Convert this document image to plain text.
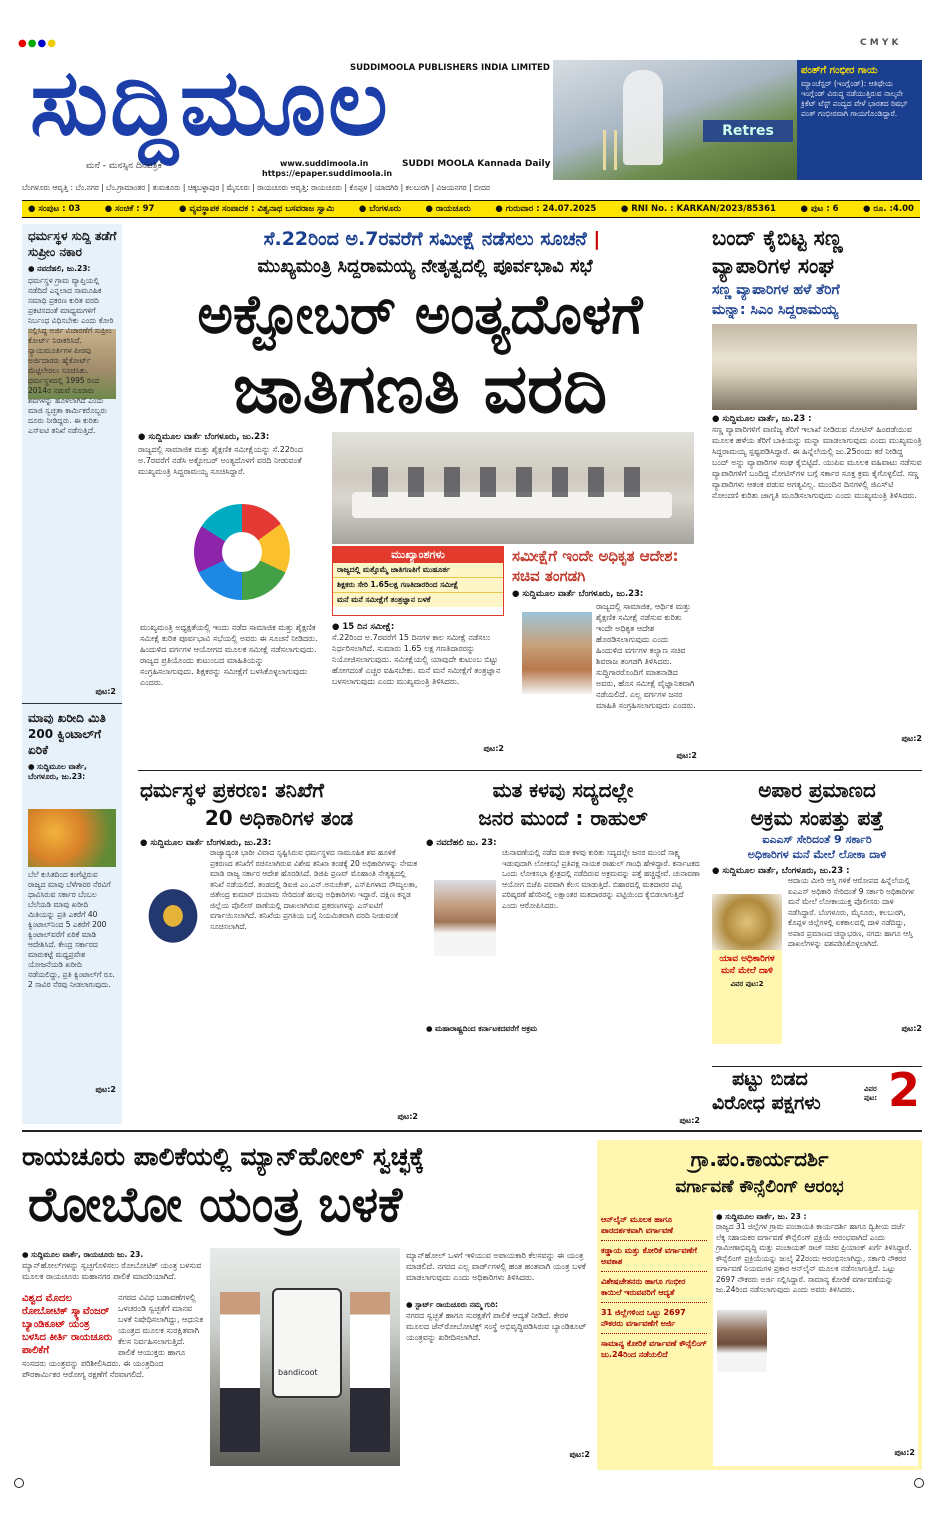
●●●●	C M Y K
ಸುದ್ದಿಮೂಲ
SUDDIMOOLA PUBLISHERS INDIA LIMITED
ಮನೆ - ಮನಸ್ಸಿನ ದಿನಪತ್ರಿಕೆ	www.suddimoola.in
https://epaper.suddimoola.in
SUDDI MOOLA Kannada Daily
Retres
ಪಂತ್‌ಗೆ ಗಂಭೀರ ಗಾಯ
ಮ್ಯಾಂಚೆಸ್ಟರ್ (ಇಂಗ್ಲೆಂಡ್): ಆತಿಥೇಯ ಇಂಗ್ಲೆಂಡ್ ವಿರುದ್ಧ ನಡೆಯುತ್ತಿರುವ ನಾಲ್ಕನೇ ಕ್ರಿಕೆಟ್ ಟೆಸ್ಟ್ ಪಂದ್ಯದ ವೇಳೆ ಭಾರತದ ರಿಷಭ್ ಪಂತ್ ಗಂಭೀರವಾಗಿ ಗಾಯಗೊಂಡಿದ್ದಾರೆ.
ಬೆಂಗಳೂರು ಆವೃತ್ತಿ : ಬೆಂ.ನಗರ | ಬೆಂ.ಗ್ರಾಮಾಂತರ | ತುಮಕೂರು | ಚಿಕ್ಕಬಳ್ಳಾಪುರ | ಮೈಸೂರು | ರಾಯಚೂರು ಆವೃತ್ತಿ: ರಾಯಚೂರು | ಕೊಪ್ಪಳ | ಯಾದಗಿರಿ | ಕಲಬುರಗಿ | ವಿಜಯನಗರ | ಬೀದರ
● ಸಂಪುಟ : 03	● ಸಂಚಿಕೆ : 97	● ವ್ಯವಸ್ಥಾಪಕ ಸಂಪಾದಕ : ವಿಶ್ವನಾಥ ಬಸವರಾಜ ಸ್ವಾಮಿ	● ಬೆಂಗಳೂರು	● ರಾಯಚೂರು	● ಗುರುವಾರ : 24.07.2025	● RNI No. : KARKAN/2023/85361	● ಪುಟ : 6	● ರೂ. :4.00
ಧರ್ಮಸ್ಥಳ ಸುದ್ದಿ ತಡೆಗೆ ಸುಪ್ರೀಂ ನಕಾರ
● ನವದೆಹಲಿ, ಜು.23:
ಧರ್ಮಸ್ಥಳ ಗ್ರಾಮ ವ್ಯಾಪ್ತಿಯಲ್ಲಿ ನಡೆದಿದೆ ಎನ್ನಲಾದ ಸಾಮೂಹಿಕ ಸಮಾಧಿ ಪ್ರಕರಣ ಕುರಿತ ವರದಿ ಪ್ರಕಟಿಸದಂತೆ ಮಾಧ್ಯಮಗಳಿಗೆ ನಿರ್ಬಂಧ ವಿಧಿಸಬೇಕು ಎಂದು ಕೋರಿ ಸಲ್ಲಿಸಿದ್ದ ಅರ್ಜಿ ವಿಚಾರಣೆಗೆ ಸುಪ್ರೀಂ ಕೋರ್ಟ್ ನಿರಾಕರಿಸಿದೆ. ನ್ಯಾಯಮೂರ್ತಿಗಳ ಪೀಠವು ಅರ್ಜಿದಾರರು ಹೈಕೋರ್ಟ್ ಮೆಟ್ಟಿಲೇರಲು ಸೂಚಿಸಿತು. ಧರ್ಮಸ್ಥಳದಲ್ಲಿ 1995 ರಿಂದ 2014ರ ನಡುವೆ ನೂರಾರು ಶವಗಳನ್ನು ಹೂಳಲಾಗಿದೆ ಎಂದು ಮಾಜಿ ಸ್ವಚ್ಛತಾ ಕಾರ್ಮಿಕರೊಬ್ಬರು ದೂರು ನೀಡಿದ್ದರು. ಈ ಕುರಿತು ಎಸ್‌ಐಟಿ ತನಿಖೆ ನಡೆಸುತ್ತಿದೆ.
ಪುಟ:2
ಮಾವು ಖರೀದಿ ಮಿತಿ 200 ಕ್ವಿಂಟಾಲ್‌ಗೆ ಏರಿಕೆ
● ಸುದ್ದಿಮೂಲ ವಾರ್ತೆ, ಬೆಂಗಳೂರು, ಜು.23:
ಬೆಲೆ ಕುಸಿತದಿಂದ ಕಂಗೆಟ್ಟಿರುವ ರಾಜ್ಯದ ಮಾವು ಬೆಳೆಗಾರರ ನೆರವಿಗೆ ಧಾವಿಸಿರುವ ಸರ್ಕಾರ ಬೆಂಬಲ ಬೆಲೆಯಡಿ ಮಾವು ಖರೀದಿ ಮಿತಿಯನ್ನು ಪ್ರತಿ ಎಕರೆಗೆ 40 ಕ್ವಿಂಟಾಲ್‌ನಿಂದ 5 ಎಕರೆಗೆ 200 ಕ್ವಿಂಟಾಲ್‌ವರೆಗೆ ಏರಿಕೆ ಮಾಡಿ ಆದೇಶಿಸಿದೆ. ಕೇಂದ್ರ ಸರ್ಕಾರದ ಮಾರುಕಟ್ಟೆ ಮಧ್ಯಪ್ರವೇಶ ಯೋಜನೆಯಡಿ ಖರೀದಿ ನಡೆಯಲಿದ್ದು, ಪ್ರತಿ ಕ್ವಿಂಟಾಲ್‌ಗೆ ರೂ. 2 ಸಾವಿರ ನೆರವು ನೀಡಲಾಗುವುದು.
ಪುಟ:2
ಸೆ.22ರಿಂದ ಅ.7ರವರೆಗೆ ಸಮೀಕ್ಷೆ ನಡೆಸಲು ಸೂಚನೆ |
ಮುಖ್ಯಮಂತ್ರಿ ಸಿದ್ದರಾಮಯ್ಯ ನೇತೃತ್ವದಲ್ಲಿ ಪೂರ್ವಭಾವಿ ಸಭೆ
ಅಕ್ಟೋಬರ್ ಅಂತ್ಯದೊಳಗೆ
ಜಾತಿಗಣತಿ ವರದಿ
● ಸುದ್ದಿಮೂಲ ವಾರ್ತೆ ಬೆಂಗಳೂರು, ಜು.23:
ರಾಜ್ಯದಲ್ಲಿ ಸಾಮಾಜಿಕ ಮತ್ತು ಶೈಕ್ಷಣಿಕ ಸಮೀಕ್ಷೆಯನ್ನು ಸೆ.22ರಿಂದ ಅ.7ರವರೆಗೆ ನಡೆಸಿ ಅಕ್ಟೋಬರ್ ಅಂತ್ಯದೊಳಗೆ ವರದಿ ನೀಡುವಂತೆ ಮುಖ್ಯಮಂತ್ರಿ ಸಿದ್ದರಾಮಯ್ಯ ಸೂಚಿಸಿದ್ದಾರೆ.
ಮುಖ್ಯಾಂಶಗಳು
ರಾಜ್ಯದಲ್ಲಿ ಮತ್ತೊಮ್ಮೆ ಜಾತಿಗಣತಿಗೆ ಮುಹೂರ್ತ
ಶಿಕ್ಷಕರು ಸೇರಿ 1.65ಲಕ್ಷ ಗಣತಿದಾರರಿಂದ ಸಮೀಕ್ಷೆ
ಮನೆ ಮನೆ ಸಮೀಕ್ಷೆಗೆ ತಂತ್ರಜ್ಞಾನ ಬಳಕೆ
ಮುಖ್ಯಮಂತ್ರಿ ಅಧ್ಯಕ್ಷತೆಯಲ್ಲಿ ಇಂದು ನಡೆದ ಸಾಮಾಜಿಕ ಮತ್ತು ಶೈಕ್ಷಣಿಕ ಸಮೀಕ್ಷೆ ಕುರಿತ ಪೂರ್ವಭಾವಿ ಸಭೆಯಲ್ಲಿ ಅವರು ಈ ಸೂಚನೆ ನೀಡಿದರು. ಹಿಂದುಳಿದ ವರ್ಗಗಳ ಆಯೋಗದ ಮೂಲಕ ಸಮೀಕ್ಷೆ ನಡೆಸಲಾಗುವುದು. ರಾಜ್ಯದ ಪ್ರತಿಯೊಂದು ಕುಟುಂಬದ ಮಾಹಿತಿಯನ್ನು ಸಂಗ್ರಹಿಸಲಾಗುವುದು. ಶಿಕ್ಷಕರನ್ನು ಸಮೀಕ್ಷೆಗೆ ಬಳಸಿಕೊಳ್ಳಲಾಗುವುದು ಎಂದರು.
● 15 ದಿನ ಸಮೀಕ್ಷೆ:
ಸೆ.22ರಿಂದ ಅ.7ರವರೆಗೆ 15 ದಿನಗಳ ಕಾಲ ಸಮೀಕ್ಷೆ ನಡೆಸಲು ನಿರ್ಧರಿಸಲಾಗಿದೆ. ಸುಮಾರು 1.65 ಲಕ್ಷ ಗಣತಿದಾರರನ್ನು ನಿಯೋಜಿಸಲಾಗುವುದು. ಸಮೀಕ್ಷೆಯಲ್ಲಿ ಯಾವುದೇ ಕುಟುಂಬ ಬಿಟ್ಟು ಹೋಗದಂತೆ ಎಚ್ಚರ ವಹಿಸಬೇಕು. ಮನೆ ಮನೆ ಸಮೀಕ್ಷೆಗೆ ತಂತ್ರಜ್ಞಾನ ಬಳಸಲಾಗುವುದು ಎಂದು ಮುಖ್ಯಮಂತ್ರಿ ತಿಳಿಸಿದರು.
ಪುಟ:2
ಸಮೀಕ್ಷೆಗೆ ಇಂದೇ ಅಧಿಕೃತ ಆದೇಶ: ಸಚಿವ ತಂಗಡಗಿ
● ಸುದ್ದಿಮೂಲ ವಾರ್ತೆ ಬೆಂಗಳೂರು, ಜು.23:
ರಾಜ್ಯದಲ್ಲಿ ಸಾಮಾಜಿಕ, ಆರ್ಥಿಕ ಮತ್ತು ಶೈಕ್ಷಣಿಕ ಸಮೀಕ್ಷೆ ನಡೆಸುವ ಕುರಿತು ಇಂದೇ ಅಧಿಕೃತ ಆದೇಶ ಹೊರಡಿಸಲಾಗುವುದು ಎಂದು ಹಿಂದುಳಿದ ವರ್ಗಗಳ ಕಲ್ಯಾಣ ಸಚಿವ ಶಿವರಾಜ ತಂಗಡಗಿ ತಿಳಿಸಿದರು. ಸುದ್ದಿಗಾರರೊಂದಿಗೆ ಮಾತನಾಡಿದ ಅವರು, ಹೊಸ ಸಮೀಕ್ಷೆ ವೈಜ್ಞಾನಿಕವಾಗಿ ನಡೆಯಲಿದೆ. ಎಲ್ಲ ವರ್ಗಗಳ ಜನರ ಮಾಹಿತಿ ಸಂಗ್ರಹಿಸಲಾಗುವುದು ಎಂದರು.
ಪುಟ:2
ಬಂದ್ ಕೈಬಿಟ್ಟ ಸಣ್ಣ
ವ್ಯಾಪಾರಿಗಳ ಸಂಘ
ಸಣ್ಣ ವ್ಯಾಪಾರಿಗಳ ಹಳೆ ತೆರಿಗೆ
ಮನ್ನಾ: ಸಿಎಂ ಸಿದ್ದರಾಮಯ್ಯ
● ಸುದ್ದಿಮೂಲ ವಾರ್ತೆ, ಜು.23 :
ಸಣ್ಣ ವ್ಯಾಪಾರಿಗಳಿಗೆ ವಾಣಿಜ್ಯ ತೆರಿಗೆ ಇಲಾಖೆ ನೀಡಿರುವ ನೋಟಿಸ್ ಹಿಂಪಡೆಯುವ ಮೂಲಕ ಹಳೆಯ ತೆರಿಗೆ ಬಾಕಿಯನ್ನು ಮನ್ನಾ ಮಾಡಲಾಗುವುದು ಎಂದು ಮುಖ್ಯಮಂತ್ರಿ ಸಿದ್ದರಾಮಯ್ಯ ಸ್ಪಷ್ಟಪಡಿಸಿದ್ದಾರೆ. ಈ ಹಿನ್ನೆಲೆಯಲ್ಲಿ ಜು.25ರಂದು ಕರೆ ನೀಡಿದ್ದ ಬಂದ್ ಅನ್ನು ವ್ಯಾಪಾರಿಗಳ ಸಂಘ ಕೈಬಿಟ್ಟಿದೆ. ಯುಪಿಐ ಮೂಲಕ ವಹಿವಾಟು ನಡೆಸುವ ವ್ಯಾಪಾರಿಗಳಿಗೆ ಬಂದಿದ್ದ ನೋಟಿಸ್‌ಗಳ ಬಗ್ಗೆ ಸರ್ಕಾರ ಸೂಕ್ತ ಕ್ರಮ ಕೈಗೊಳ್ಳಲಿದೆ. ಸಣ್ಣ ವ್ಯಾಪಾರಿಗಳು ಆತಂಕ ಪಡುವ ಅಗತ್ಯವಿಲ್ಲ. ಮುಂದಿನ ದಿನಗಳಲ್ಲಿ ಜಿಎಸ್‌ಟಿ ನೋಂದಣಿ ಕುರಿತು ಜಾಗೃತಿ ಮೂಡಿಸಲಾಗುವುದು ಎಂದು ಮುಖ್ಯಮಂತ್ರಿ ತಿಳಿಸಿದರು.
ಪುಟ:2
ಧರ್ಮಸ್ಥಳ ಪ್ರಕರಣ: ತನಿಖೆಗೆ
20 ಅಧಿಕಾರಿಗಳ ತಂಡ
● ಸುದ್ದಿಮೂಲ ವಾರ್ತೆ ಬೆಂಗಳೂರು, ಜು.23:
ರಾಜ್ಯಾದ್ಯಂತ ಭಾರೀ ವಿವಾದ ಸೃಷ್ಟಿಸಿರುವ ಧರ್ಮಸ್ಥಳದ ಸಾಮೂಹಿಕ ಶವ ಹೂಳಿಕೆ ಪ್ರಕರಣದ ತನಿಖೆಗೆ ರಚಿಸಲಾಗಿರುವ ವಿಶೇಷ ತನಿಖಾ ತಂಡಕ್ಕೆ 20 ಅಧಿಕಾರಿಗಳನ್ನು ನೇಮಕ ಮಾಡಿ ರಾಜ್ಯ ಸರ್ಕಾರ ಆದೇಶ ಹೊರಡಿಸಿದೆ. ಡಿಜಿಪಿ ಪ್ರಣವ್ ಮೊಹಾಂತಿ ನೇತೃತ್ವದಲ್ಲಿ ತನಿಖೆ ನಡೆಯಲಿದೆ. ತಂಡದಲ್ಲಿ ಡಿಐಜಿ ಎಂ.ಎನ್.ಅನುಚೇತ್, ಎಸ್‌ಪಿಗಳಾದ ಸೌಮ್ಯಲತಾ, ಜಿತೇಂದ್ರ ಕುಮಾರ್ ದಯಾಮ ಸೇರಿದಂತೆ ಹಲವು ಅಧಿಕಾರಿಗಳು ಇದ್ದಾರೆ. ದಕ್ಷಿಣ ಕನ್ನಡ ಜಿಲ್ಲೆಯ ಪೊಲೀಸ್ ಠಾಣೆಯಲ್ಲಿ ದಾಖಲಾಗಿರುವ ಪ್ರಕರಣಗಳನ್ನು ಎಸ್‌ಐಟಿಗೆ ವರ್ಗಾಯಿಸಲಾಗಿದೆ. ತನಿಖೆಯ ಪ್ರಗತಿಯ ಬಗ್ಗೆ ನಿಯಮಿತವಾಗಿ ವರದಿ ನೀಡುವಂತೆ ಸೂಚಿಸಲಾಗಿದೆ.
ಪುಟ:2
ಮತ ಕಳವು ಸದ್ಯದಲ್ಲೇ
ಜನರ ಮುಂದೆ : ರಾಹುಲ್
● ನವದೆಹಲಿ ಜು. 23:
ಚುನಾವಣೆಯಲ್ಲಿ ನಡೆದ ಮತ ಕಳವು ಕುರಿತು ಸದ್ಯದಲ್ಲೇ ಜನರ ಮುಂದೆ ಸಾಕ್ಷ್ಯ ಇಡುವುದಾಗಿ ಲೋಕಸಭೆ ಪ್ರತಿಪಕ್ಷ ನಾಯಕ ರಾಹುಲ್ ಗಾಂಧಿ ಹೇಳಿದ್ದಾರೆ. ಕರ್ನಾಟಕದ ಒಂದು ಲೋಕಸಭಾ ಕ್ಷೇತ್ರದಲ್ಲಿ ನಡೆದಿರುವ ಅಕ್ರಮವನ್ನು ಪತ್ತೆ ಹಚ್ಚಿದ್ದೇವೆ. ಚುನಾವಣಾ ಆಯೋಗ ಬಿಜೆಪಿ ಪರವಾಗಿ ಕೆಲಸ ಮಾಡುತ್ತಿದೆ. ಬಿಹಾರದಲ್ಲಿ ಮತದಾರರ ಪಟ್ಟಿ ಪರಿಷ್ಕರಣೆ ಹೆಸರಿನಲ್ಲಿ ಲಕ್ಷಾಂತರ ಮತದಾರರನ್ನು ಪಟ್ಟಿಯಿಂದ ಕೈಬಿಡಲಾಗುತ್ತಿದೆ ಎಂದು ಆರೋಪಿಸಿದರು.
● ಮಹಾರಾಷ್ಟ್ರದಿಂದ ಕರ್ನಾಟಕದವರೆಗೆ ಅಕ್ರಮ
ಪುಟ:2
ಅಪಾರ ಪ್ರಮಾಣದ
ಅಕ್ರಮ ಸಂಪತ್ತು ಪತ್ತೆ
ಐಎಎಸ್ ಸೇರಿದಂತೆ 9 ಸರ್ಕಾರಿ
ಅಧಿಕಾರಿಗಳ ಮನೆ ಮೇಲೆ ಲೋಕಾ ದಾಳಿ
● ಸುದ್ದಿಮೂಲ ವಾರ್ತೆ, ಬೆಂಗಳೂರು, ಜು.23 :
ಯಾವ ಅಧಿಕಾರಿಗಳ ಮನೆ ಮೇಲೆ ದಾಳಿ
ವಿವರ ಪುಟ:2
ಆದಾಯ ಮೀರಿ ಆಸ್ತಿ ಗಳಿಕೆ ಆರೋಪದ ಹಿನ್ನೆಲೆಯಲ್ಲಿ ಐಎಎಸ್ ಅಧಿಕಾರಿ ಸೇರಿದಂತೆ 9 ಸರ್ಕಾರಿ ಅಧಿಕಾರಿಗಳ ಮನೆ ಮೇಲೆ ಲೋಕಾಯುಕ್ತ ಪೊಲೀಸರು ದಾಳಿ ನಡೆಸಿದ್ದಾರೆ. ಬೆಂಗಳೂರು, ಮೈಸೂರು, ಕಲಬುರಗಿ, ಕೊಪ್ಪಳ ಜಿಲ್ಲೆಗಳಲ್ಲಿ ಏಕಕಾಲದಲ್ಲಿ ದಾಳಿ ನಡೆದಿದ್ದು, ಅಪಾರ ಪ್ರಮಾಣದ ಚಿನ್ನಾಭರಣ, ನಗದು ಹಾಗೂ ಆಸ್ತಿ ದಾಖಲೆಗಳನ್ನು ವಶಪಡಿಸಿಕೊಳ್ಳಲಾಗಿದೆ.
ಪುಟ:2
ಪಟ್ಟು ಬಿಡದ
ವಿರೋಧ ಪಕ್ಷಗಳು
ವಿವರ ಪುಟ: 2
ರಾಯಚೂರು ಪಾಲಿಕೆಯಲ್ಲಿ ಮ್ಯಾನ್‌ಹೋಲ್ ಸ್ವಚ್ಛಕ್ಕೆ
ರೋಬೋ ಯಂತ್ರ ಬಳಕೆ
● ಸುದ್ದಿಮೂಲ ವಾರ್ತೆ, ರಾಯಚೂರು ಜು. 23.
ಮ್ಯಾನ್‌ಹೋಲ್‌ಗಳನ್ನು ಸ್ವಚ್ಛಗೊಳಿಸಲು ರೋಬೋಟಿಕ್ ಯಂತ್ರ ಬಳಸುವ ಮೂಲಕ ರಾಯಚೂರು ಮಹಾನಗರ ಪಾಲಿಕೆ ಮಾದರಿಯಾಗಿದೆ.
ವಿಶ್ವದ ಮೊದಲ ರೋಬೋಟಿಕ್ ಸ್ಕ್ಯಾವೆಂಜರ್ ಬ್ಯಾಂಡಿಕೂಟ್ ಯಂತ್ರ ಬಳಸಿದ ಕೀರ್ತಿ ರಾಯಚೂರು ಪಾಲಿಕೆಗೆ
ನಗರದ ವಿವಿಧ ಬಡಾವಣೆಗಳಲ್ಲಿ ಒಳಚರಂಡಿ ಸ್ವಚ್ಛತೆಗೆ ಮಾನವ ಬಳಕೆ ನಿಷೇಧಿಸಲಾಗಿದ್ದು, ಆಧುನಿಕ ಯಂತ್ರದ ಮೂಲಕ ಸುರಕ್ಷಿತವಾಗಿ ಕೆಲಸ ನಿರ್ವಹಿಸಲಾಗುತ್ತಿದೆ. ಪಾಲಿಕೆ ಆಯುಕ್ತರು ಹಾಗೂ ಸಂಸದರು ಯಂತ್ರವನ್ನು ಪರಿಶೀಲಿಸಿದರು. ಈ ಯಂತ್ರದಿಂದ ಪೌರಕಾರ್ಮಿಕರ ಆರೋಗ್ಯ ರಕ್ಷಣೆಗೆ ನೆರವಾಗಲಿದೆ.	bandicoot
ಮ್ಯಾನ್‌ಹೋಲ್ ಒಳಗೆ ಇಳಿಯುವ ಅಪಾಯಕಾರಿ ಕೆಲಸವನ್ನು ಈ ಯಂತ್ರ ಮಾಡಲಿದೆ. ನಗರದ ಎಲ್ಲ ವಾರ್ಡ್‌ಗಳಲ್ಲಿ ಹಂತ ಹಂತವಾಗಿ ಯಂತ್ರ ಬಳಕೆ ಮಾಡಲಾಗುವುದು ಎಂದು ಅಧಿಕಾರಿಗಳು ತಿಳಿಸಿದರು.
● ಸ್ಟಾರ್ಟ್ ರಾಯಚೂರು ನಮ್ಮ ಗುರಿ:
ನಗರದ ಸ್ವಚ್ಛತೆ ಹಾಗೂ ಸುರಕ್ಷತೆಗೆ ಪಾಲಿಕೆ ಆದ್ಯತೆ ನೀಡಿದೆ. ಕೇರಳ ಮೂಲದ ಜೆನ್‌ರೋಬೋಟಿಕ್ಸ್ ಸಂಸ್ಥೆ ಅಭಿವೃದ್ಧಿಪಡಿಸಿರುವ ಬ್ಯಾಂಡಿಕೂಟ್ ಯಂತ್ರವನ್ನು ಖರೀದಿಸಲಾಗಿದೆ.
ಪುಟ:2
ಗ್ರಾ.ಪಂ.ಕಾರ್ಯದರ್ಶಿ
ವರ್ಗಾವಣೆ ಕೌನ್ಸೆಲಿಂಗ್ ಆರಂಭ
ಆನ್‌ಲೈನ್ ಮೂಲಕ ಹಾಗೂ ಪಾರದರ್ಶಕವಾಗಿ ವರ್ಗಾವಣೆ
ಕಡ್ಡಾಯ ಮತ್ತು ಕೋರಿಕೆ ವರ್ಗಾವಣೆಗೆ ಅವಕಾಶ
ವಿಶೇಷಚೇತನರು ಹಾಗೂ ಗಂಭೀರ ಕಾಯಿಲೆ ಇರುವವರಿಗೆ ಆದ್ಯತೆ
31 ಜಿಲ್ಲೆಗಳಿಂದ ಒಟ್ಟು 2697 ನೌಕರರು ವರ್ಗಾವಣೆಗೆ ಅರ್ಜಿ
ಸಾಮಾನ್ಯ ಕೋರಿಕೆ ವರ್ಗಾವಣೆ ಕೌನ್ಸೆಲಿಂಗ್ ಜು.24ರಿಂದ ನಡೆಯಲಿದೆ
● ಸುದ್ದಿಮೂಲ ವಾರ್ತೆ, ಜು. 23 :
ರಾಜ್ಯದ 31 ಜಿಲ್ಲೆಗಳ ಗ್ರಾಮ ಪಂಚಾಯತಿ ಕಾರ್ಯದರ್ಶಿ ಹಾಗೂ ದ್ವಿತೀಯ ದರ್ಜೆ ಲೆಕ್ಕ ಸಹಾಯಕರ ವರ್ಗಾವಣೆ ಕೌನ್ಸೆಲಿಂಗ್ ಪ್ರಕ್ರಿಯೆ ಆರಂಭವಾಗಿದೆ ಎಂದು ಗ್ರಾಮೀಣಾಭಿವೃದ್ಧಿ ಮತ್ತು ಪಂಚಾಯತ್ ರಾಜ್ ಸಚಿವ ಪ್ರಿಯಾಂಕ್ ಖರ್ಗೆ ತಿಳಿಸಿದ್ದಾರೆ. ಕೌನ್ಸೆಲಿಂಗ್ ಪ್ರಕ್ರಿಯೆಯನ್ನು ಜುಲೈ 22ರಂದು ಆರಂಭಿಸಲಾಗಿದ್ದು, ಸರ್ಕಾರಿ ನೌಕರರ ವರ್ಗಾವಣೆ ನಿಯಮಗಳ ಪ್ರಕಾರ ಆನ್‌ಲೈನ್ ಮೂಲಕ ನಡೆಸಲಾಗುತ್ತಿದೆ. ಒಟ್ಟು 2697 ನೌಕರರು ಅರ್ಜಿ ಸಲ್ಲಿಸಿದ್ದಾರೆ. ಸಾಮಾನ್ಯ ಕೋರಿಕೆ ವರ್ಗಾವಣೆಯನ್ನು ಜು.24ರಿಂದ ನಡೆಸಲಾಗುವುದು ಎಂದು ಅವರು ತಿಳಿಸಿದರು.
ಪುಟ:2
